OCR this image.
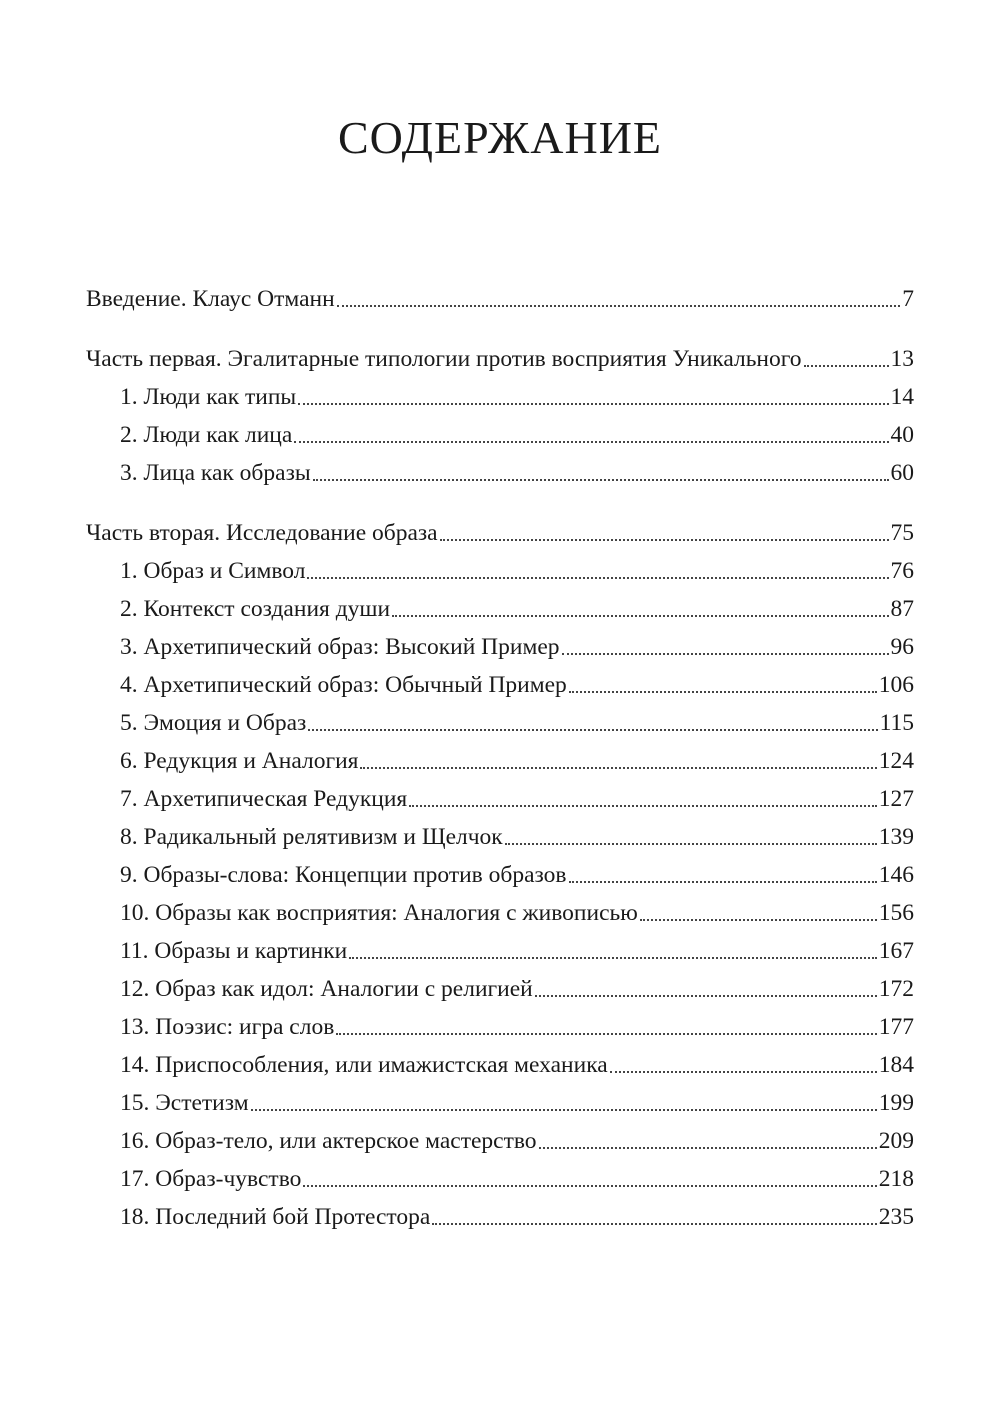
СОДЕРЖАНИЕ
Введение. Клаус Отманн	7
Часть первая. Эгалитарные типологии против восприятия Уникального	13
1. Люди как типы	14
2. Люди как лица	40
3. Лица как образы	60
Часть вторая. Исследование образа	75
1. Образ и Символ	76
2. Контекст создания души	87
3. Архетипический образ: Высокий Пример	96
4. Архетипический образ: Обычный Пример	106
5. Эмоция и Образ	115
6. Редукция и Аналогия	124
7. Архетипическая Редукция	127
8. Радикальный релятивизм и Щелчок	139
9. Образы-слова: Концепции против образов	146
10. Образы как восприятия: Аналогия с живописью	156
11. Образы и картинки	167
12. Образ как идол: Аналогии с религией	172
13. Поэзис: игра слов	177
14. Приспособления, или имажистская механика	184
15. Эстетизм	199
16. Образ-тело, или актерское мастерство	209
17. Образ-чувство	218
18. Последний бой Протестора	235
